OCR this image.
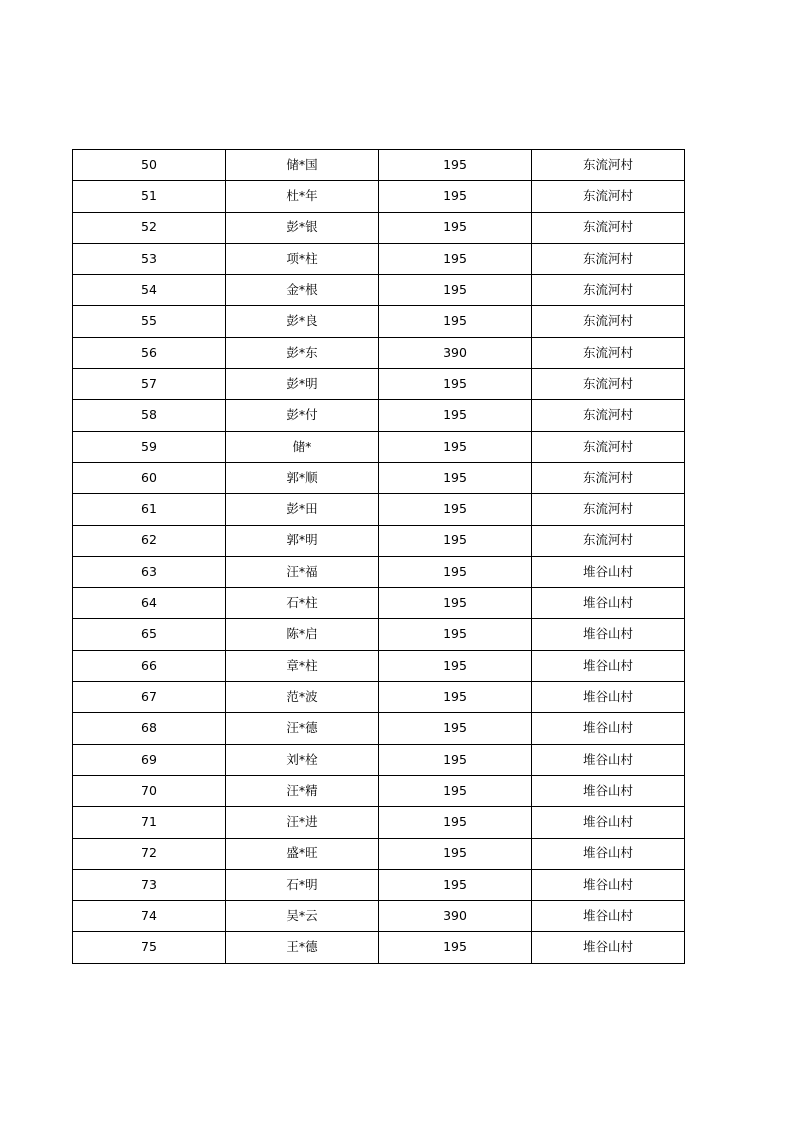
50	储*国	195	东流河村
51	杜*年	195	东流河村
52	彭*银	195	东流河村
53	项*柱	195	东流河村
54	金*根	195	东流河村
55	彭*良	195	东流河村
56	彭*东	390	东流河村
57	彭*明	195	东流河村
58	彭*付	195	东流河村
59	储*	195	东流河村
60	郭*顺	195	东流河村
61	彭*田	195	东流河村
62	郭*明	195	东流河村
63	汪*福	195	堆谷山村
64	石*柱	195	堆谷山村
65	陈*启	195	堆谷山村
66	章*柱	195	堆谷山村
67	范*波	195	堆谷山村
68	汪*德	195	堆谷山村
69	刘*栓	195	堆谷山村
70	汪*精	195	堆谷山村
71	汪*进	195	堆谷山村
72	盛*旺	195	堆谷山村
73	石*明	195	堆谷山村
74	吴*云	390	堆谷山村
75	王*德	195	堆谷山村
